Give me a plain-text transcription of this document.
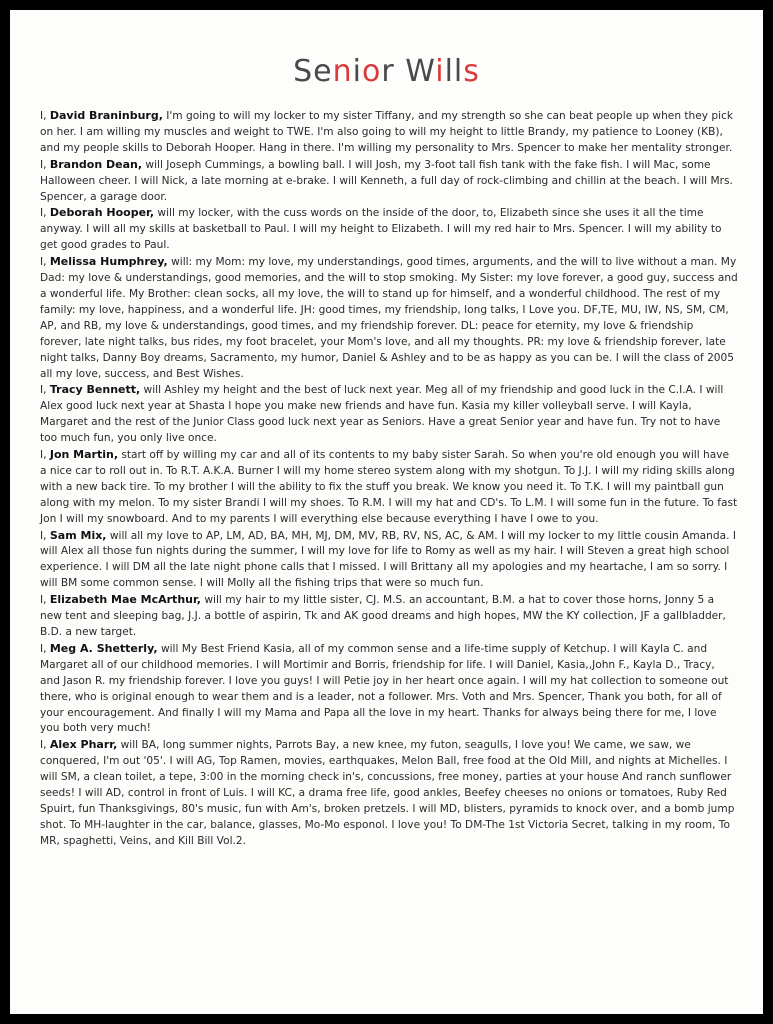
Senior Wills

I, David Braninburg, I'm going to will my locker to my sister Tiffany, and my strength so she can beat people up when they pick on her. I am willing my muscles and weight to TWE. I'm also going to will my height to little Brandy, my patience to Looney (KB), and my people skills to Deborah Hooper. Hang in there. I'm willing my personality to Mrs. Spencer to make her mentality stronger.

I, Brandon Dean, will Joseph Cummings, a bowling ball. I will Josh, my 3-foot tall fish tank with the fake fish. I will Mac, some Halloween cheer. I will Nick, a late morning at e-brake. I will Kenneth, a full day of rock-climbing and chillin at the beach. I will Mrs. Spencer, a garage door.

I, Deborah Hooper, will my locker, with the cuss words on the inside of the door, to, Elizabeth since she uses it all the time anyway. I will all my skills at basketball to Paul. I will my height to Elizabeth. I will my red hair to Mrs. Spencer. I will my ability to get good grades to Paul.

I, Melissa Humphrey, will: my Mom: my love, my understandings, good times, arguments, and the will to live without a man. My Dad: my love & understandings, good memories, and the will to stop smoking. My Sister: my love forever, a good guy, success and a wonderful life. My Brother: clean socks, all my love, the will to stand up for himself, and a wonderful childhood. The rest of my family: my love, happiness, and a wonderful life. JH: good times, my friendship, long talks, I Love you. DF,TE, MU, IW, NS, SM, CM, AP, and RB, my love & understandings, good times, and my friendship forever. DL: peace for eternity, my love & friendship forever, late night talks, bus rides, my foot bracelet, your Mom's love, and all my thoughts. PR: my love & friendship forever, late night talks, Danny Boy dreams, Sacramento, my humor, Daniel & Ashley and to be as happy as you can be. I will the class of 2005 all my love, success, and Best Wishes.

I, Tracy Bennett, will Ashley my height and the best of luck next year. Meg all of my friendship and good luck in the C.I.A. I will Alex good luck next year at Shasta I hope you make new friends and have fun. Kasia my killer volleyball serve. I will Kayla, Margaret and the rest of the Junior Class good luck next year as Seniors. Have a great Senior year and have fun. Try not to have too much fun, you only live once.

I, Jon Martin, start off by willing my car and all of its contents to my baby sister Sarah. So when you're old enough you will have a nice car to roll out in. To R.T. A.K.A. Burner I will my home stereo system along with my shotgun. To J.J. I will my riding skills along with a new back tire. To my brother I will the ability to fix the stuff you break. We know you need it. To T.K. I will my paintball gun along with my melon. To my sister Brandi I will my shoes. To R.M. I will my hat and CD's. To L.M. I will some fun in the future. To fast Jon I will my snowboard. And to my parents I will everything else because everything I have I owe to you.

I, Sam Mix, will all my love to AP, LM, AD, BA, MH, MJ, DM, MV, RB, RV, NS, AC, & AM. I will my locker to my little cousin Amanda. I will Alex all those fun nights during the summer, I will my love for life to Romy as well as my hair. I will Steven a great high school experience. I will DM all the late night phone calls that I missed. I will Brittany all my apologies and my heartache, I am so sorry. I will BM some common sense. I will Molly all the fishing trips that were so much fun.

I, Elizabeth Mae McArthur, will my hair to my little sister, CJ. M.S. an accountant, B.M. a hat to cover those horns, Jonny 5 a new tent and sleeping bag, J.J. a bottle of aspirin, Tk and AK good dreams and high hopes, MW the KY collection, JF a gallbladder, B.D. a new target.

I, Meg A. Shetterly, will My Best Friend Kasia, all of my common sense and a life-time supply of Ketchup. I will Kayla C. and Margaret all of our childhood memories. I will Mortimir and Borris, friendship for life. I will Daniel, Kasia,,John F., Kayla D., Tracy, and Jason R. my friendship forever. I love you guys! I will Petie joy in her heart once again. I will my hat collection to someone out there, who is original enough to wear them and is a leader, not a follower. Mrs. Voth and Mrs. Spencer, Thank you both, for all of your encouragement. And finally I will my Mama and Papa all the love in my heart. Thanks for always being there for me, I love you both very much!

I, Alex Pharr, will BA, long summer nights, Parrots Bay, a new knee, my futon, seagulls, I love you! We came, we saw, we conquered, I'm out '05'. I will AG, Top Ramen, movies, earthquakes, Melon Ball, free food at the Old Mill, and nights at Michelles. I will SM, a clean toilet, a tepe, 3:00 in the morning check in's, concussions, free money, parties at your house And ranch sunflower seeds! I will AD, control in front of Luis. I will KC, a drama free life, good ankles, Beefey cheeses no onions or tomatoes, Ruby Red Spuirt, fun Thanksgivings, 80's music, fun with Am's, broken pretzels. I will MD, blisters, pyramids to knock over, and a bomb jump shot. To MH-laughter in the car, balance, glasses, Mo-Mo esponol. I love you! To DM-The 1st Victoria Secret, talking in my room, To MR, spaghetti, Veins, and Kill Bill Vol.2.
